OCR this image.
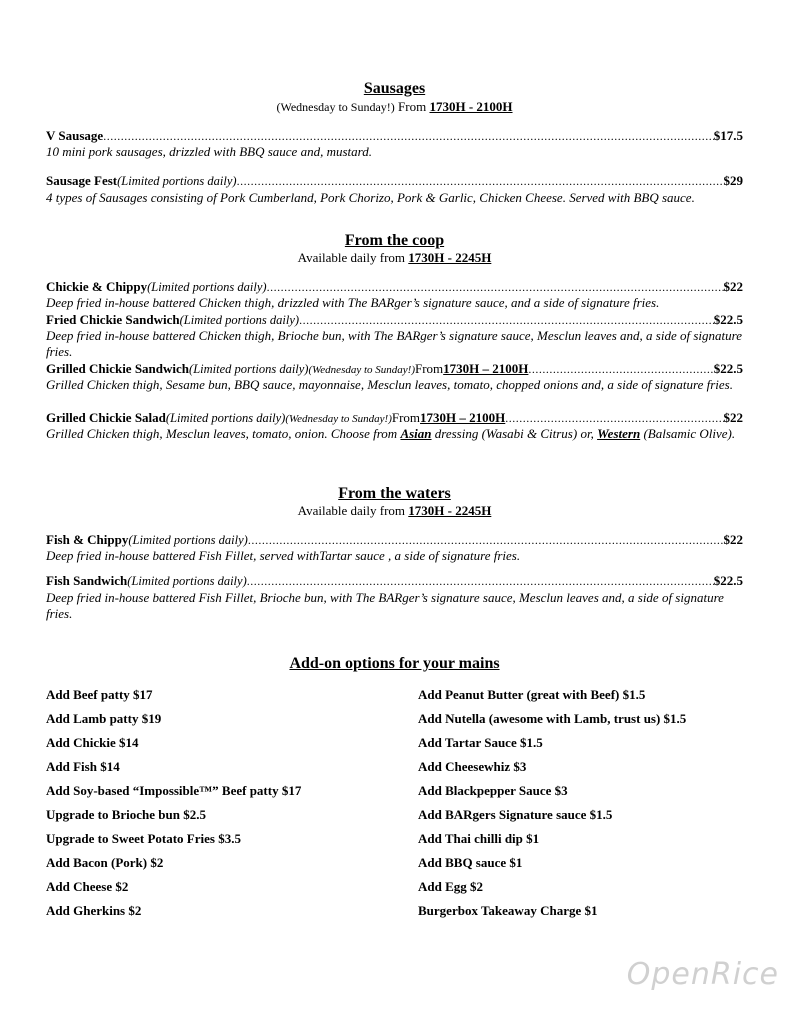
Sausages
(Wednesday to Sunday!) From 1730H - 2100H
V Sausage .....	$17.5
10 mini pork sausages, drizzled with BBQ sauce and, mustard.
Sausage Fest (Limited portions daily) .....	$29
4 types of Sausages consisting of Pork Cumberland, Pork Chorizo, Pork & Garlic, Chicken Cheese. Served with BBQ sauce.
From the coop
Available daily from 1730H - 2245H
Chickie & Chippy (Limited portions daily) .....	$22
Deep fried in-house battered Chicken thigh, drizzled with The BARger’s signature sauce, and a side of signature fries.
Fried Chickie Sandwich (Limited portions daily) .....	$22.5
Deep fried in-house battered Chicken thigh, Brioche bun, with The BARger’s signature sauce, Mesclun leaves and, a side of signature fries.
Grilled Chickie Sandwich (Limited portions daily) (Wednesday to Sunday!) From 1730H – 2100H .....	$22.5
Grilled Chicken thigh, Sesame bun, BBQ sauce, mayonnaise, Mesclun leaves, tomato, chopped onions and, a side of signature fries.
Grilled Chickie Salad (Limited portions daily) (Wednesday to Sunday!) From 1730H – 2100H .....	$22
Grilled Chicken thigh, Mesclun leaves, tomato, onion. Choose from Asian dressing (Wasabi & Citrus) or, Western (Balsamic Olive).
From the waters
Available daily from 1730H - 2245H
Fish & Chippy (Limited portions daily) .....	$22
Deep fried in-house battered Fish Fillet, served withTartar sauce , a side of signature fries.
Fish Sandwich (Limited portions daily) .....	$22.5
Deep fried in-house battered Fish Fillet, Brioche bun, with The BARger’s signature sauce, Mesclun leaves and, a side of signature fries.
Add-on options for your mains
Add Beef patty $17
Add Lamb patty $19
Add Chickie $14
Add Fish $14
Add Soy-based “Impossible™” Beef patty $17
Upgrade to Brioche bun $2.5
Upgrade to Sweet Potato Fries $3.5
Add Bacon (Pork) $2
Add Cheese $2
Add Gherkins $2
Add Peanut Butter (great with Beef) $1.5
Add Nutella (awesome with Lamb, trust us) $1.5
Add Tartar Sauce $1.5
Add Cheesewhiz $3
Add Blackpepper Sauce $3
Add BARgers Signature sauce $1.5
Add Thai chilli dip $1
Add BBQ sauce $1
Add Egg $2
Burgerbox Takeaway Charge $1
OpenRice
